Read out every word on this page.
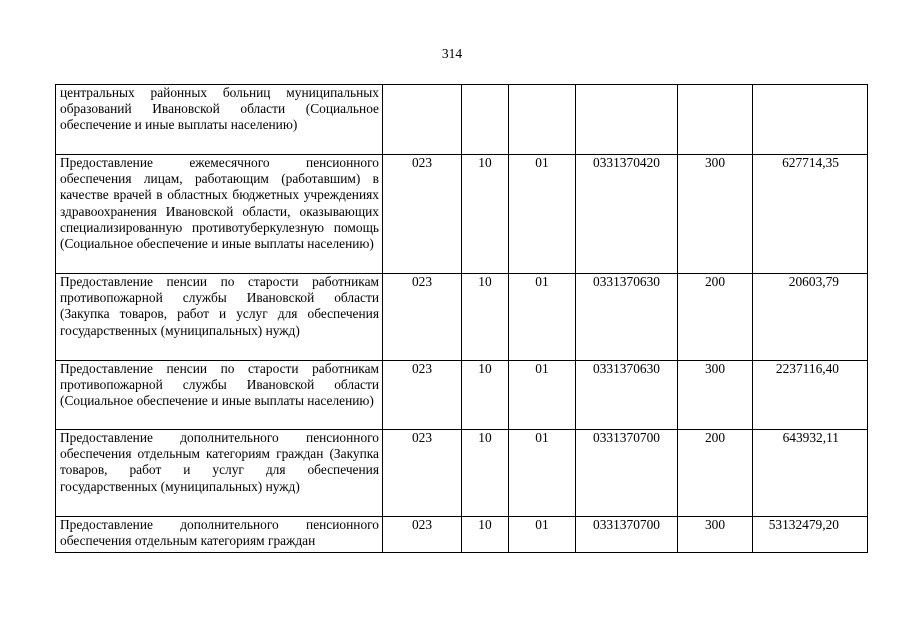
314
центральных районных больниц муниципальных образований Ивановской области (Социальное обеспечение и иные выплаты населению)						
Предоставление ежемесячного пенсионного обеспечения лицам, работающим (работавшим) в качестве врачей в областных бюджетных учреждениях здравоохранения Ивановской области, оказывающих специализированную противотуберкулезную помощь (Социальное обеспечение и иные выплаты населению)	023	10	01	0331370420	300	627714,35
Предоставление пенсии по старости работникам противопожарной службы Ивановской области (Закупка товаров, работ и услуг для обеспечения государственных (муниципальных) нужд)	023	10	01	0331370630	200	20603,79
Предоставление пенсии по старости работникам противопожарной службы Ивановской области (Социальное обеспечение и иные выплаты населению)	023	10	01	0331370630	300	2237116,40
Предоставление дополнительного пенсионного обеспечения отдельным категориям граждан (Закупка товаров, работ и услуг для обеспечения государственных (муниципальных) нужд)	023	10	01	0331370700	200	643932,11
Предоставление дополнительного пенсионного обеспечения отдельным категориям граждан	023	10	01	0331370700	300	53132479,20
